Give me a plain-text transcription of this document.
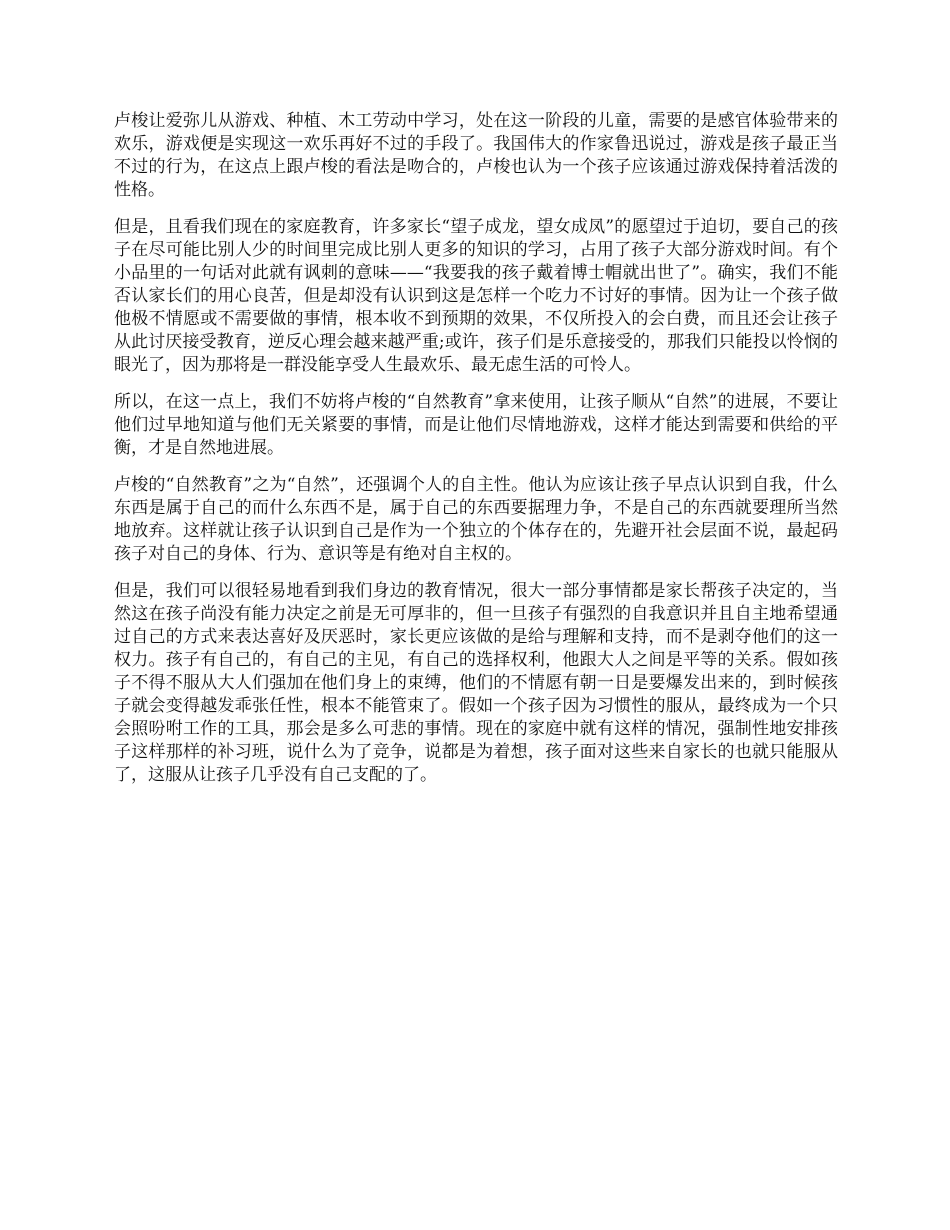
卢梭让爱弥儿从游戏、种植、木工劳动中学习，处在这一阶段的儿童，需要的是感官体验带来的欢乐，游戏便是实现这一欢乐再好不过的手段了。我国伟大的作家鲁迅说过，游戏是孩子最正当不过的行为，在这点上跟卢梭的看法是吻合的，卢梭也认为一个孩子应该通过游戏保持着活泼的性格。

但是，且看我们现在的家庭教育，许多家长“望子成龙，望女成凤”的愿望过于迫切，要自己的孩子在尽可能比别人少的时间里完成比别人更多的知识的学习，占用了孩子大部分游戏时间。有个小品里的一句话对此就有讽刺的意味——“我要我的孩子戴着博士帽就出世了”。确实，我们不能否认家长们的用心良苦，但是却没有认识到这是怎样一个吃力不讨好的事情。因为让一个孩子做他极不情愿或不需要做的事情，根本收不到预期的效果，不仅所投入的会白费，而且还会让孩子从此讨厌接受教育，逆反心理会越来越严重;或许，孩子们是乐意接受的，那我们只能投以怜悯的眼光了，因为那将是一群没能享受人生最欢乐、最无虑生活的可怜人。

所以，在这一点上，我们不妨将卢梭的“自然教育”拿来使用，让孩子顺从“自然”的进展，不要让他们过早地知道与他们无关紧要的事情，而是让他们尽情地游戏，这样才能达到需要和供给的平衡，才是自然地进展。

卢梭的“自然教育”之为“自然”，还强调个人的自主性。他认为应该让孩子早点认识到自我，什么东西是属于自己的而什么东西不是，属于自己的东西要据理力争，不是自己的东西就要理所当然地放弃。这样就让孩子认识到自己是作为一个独立的个体存在的，先避开社会层面不说，最起码孩子对自己的身体、行为、意识等是有绝对自主权的。

但是，我们可以很轻易地看到我们身边的教育情况，很大一部分事情都是家长帮孩子决定的，当然这在孩子尚没有能力决定之前是无可厚非的，但一旦孩子有强烈的自我意识并且自主地希望通过自己的方式来表达喜好及厌恶时，家长更应该做的是给与理解和支持，而不是剥夺他们的这一权力。孩子有自己的，有自己的主见，有自己的选择权利，他跟大人之间是平等的关系。假如孩子不得不服从大人们强加在他们身上的束缚，他们的不情愿有朝一日是要爆发出来的，到时候孩子就会变得越发乖张任性，根本不能管束了。假如一个孩子因为习惯性的服从，最终成为一个只会照吩咐工作的工具，那会是多么可悲的事情。现在的家庭中就有这样的情况，强制性地安排孩子这样那样的补习班，说什么为了竞争，说都是为着想，孩子面对这些来自家长的也就只能服从了，这服从让孩子几乎没有自己支配的了。
